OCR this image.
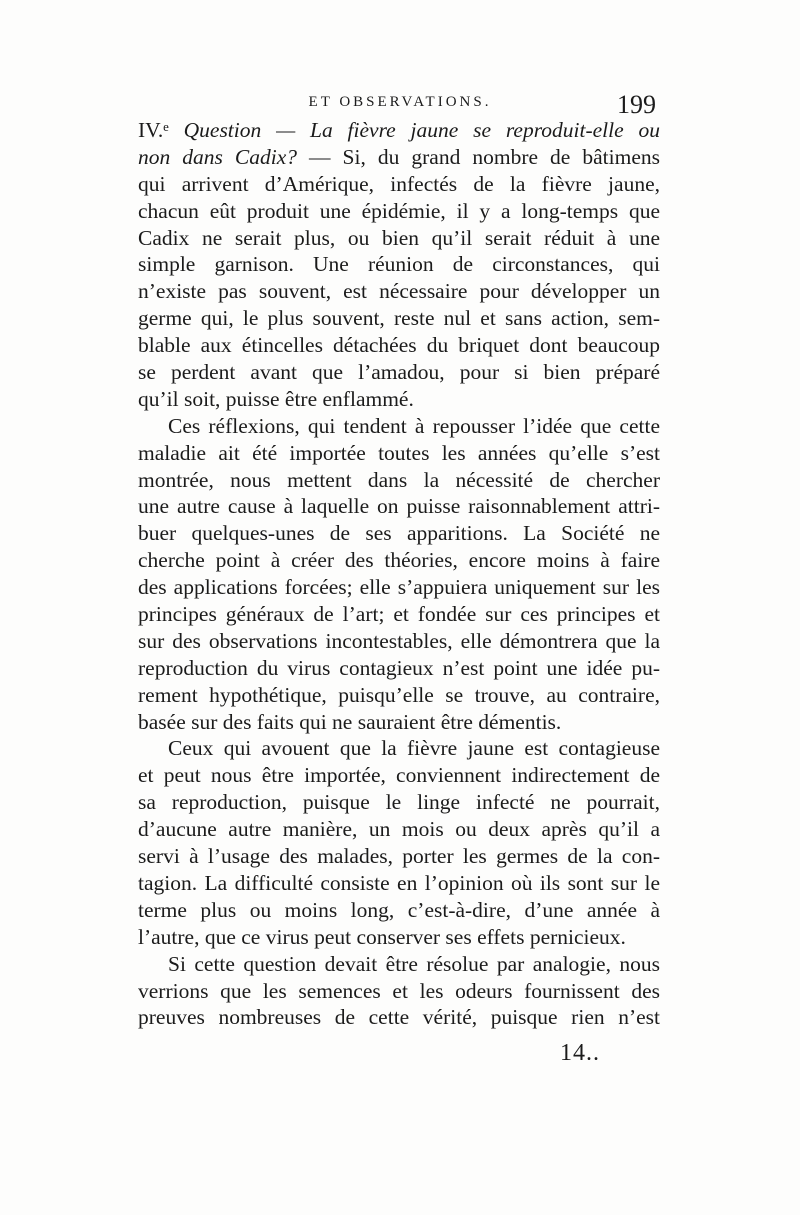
ET OBSERVATIONS.	199
IV.ᵉ Question — La fièvre jaune se reproduit-elle ou
non dans Cadix? — Si, du grand nombre de bâtimens
qui arrivent d’Amérique, infectés de la fièvre jaune,
chacun eût produit une épidémie, il y a long-temps que
Cadix ne serait plus, ou bien qu’il serait réduit à une
simple garnison. Une réunion de circonstances, qui
n’existe pas souvent, est nécessaire pour développer un
germe qui, le plus souvent, reste nul et sans action, sem-
blable aux étincelles détachées du briquet dont beaucoup
se perdent avant que l’amadou, pour si bien préparé
qu’il soit, puisse être enflammé.
Ces réflexions, qui tendent à repousser l’idée que cette
maladie ait été importée toutes les années qu’elle s’est
montrée, nous mettent dans la nécessité de chercher
une autre cause à laquelle on puisse raisonnablement attri-
buer quelques-unes de ses apparitions. La Société ne
cherche point à créer des théories, encore moins à faire
des applications forcées; elle s’appuiera uniquement sur les
principes généraux de l’art; et fondée sur ces principes et
sur des observations incontestables, elle démontrera que la
reproduction du virus contagieux n’est point une idée pu-
rement hypothétique, puisqu’elle se trouve, au contraire,
basée sur des faits qui ne sauraient être démentis.
Ceux qui avouent que la fièvre jaune est contagieuse
et peut nous être importée, conviennent indirectement de
sa reproduction, puisque le linge infecté ne pourrait,
d’aucune autre manière, un mois ou deux après qu’il a
servi à l’usage des malades, porter les germes de la con-
tagion. La difficulté consiste en l’opinion où ils sont sur le
terme plus ou moins long, c’est-à-dire, d’une année à
l’autre, que ce virus peut conserver ses effets pernicieux.
Si cette question devait être résolue par analogie, nous
verrions que les semences et les odeurs fournissent des
preuves nombreuses de cette vérité, puisque rien n’est
14..
